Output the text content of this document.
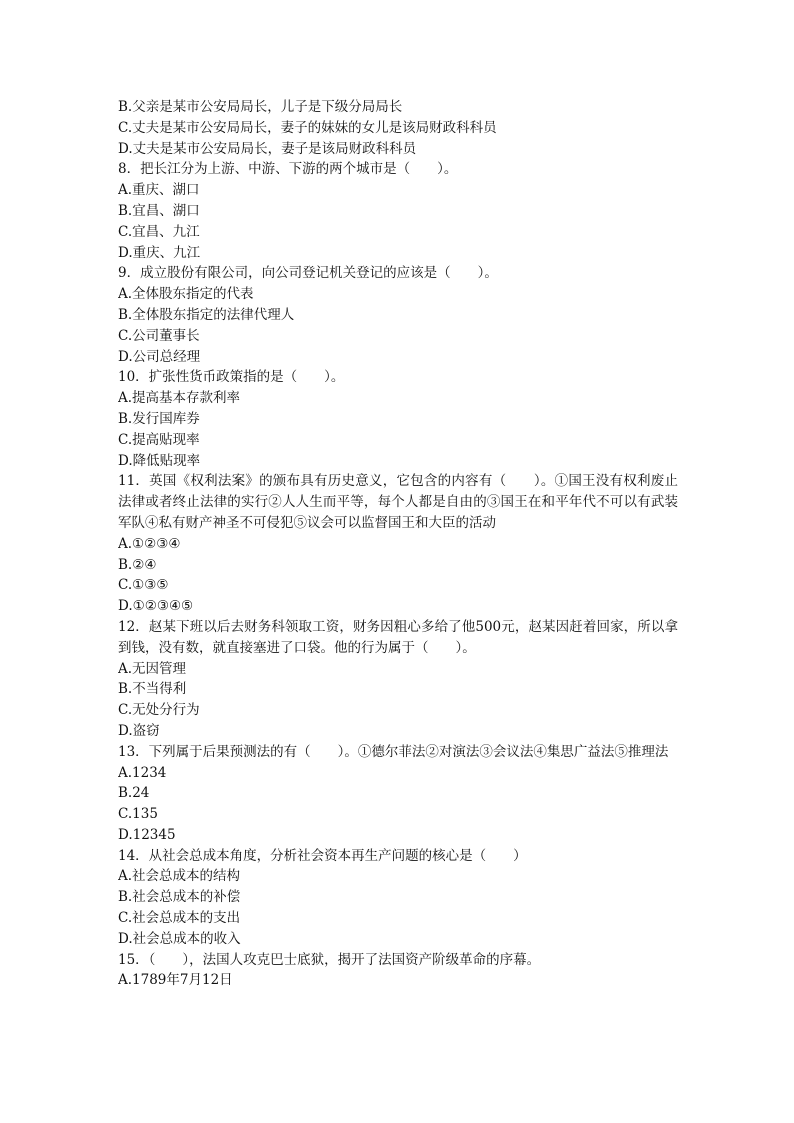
B.父亲是某市公安局局长，儿子是下级分局局长
C.丈夫是某市公安局局长，妻子的妹妹的女儿是该局财政科科员
D.丈夫是某市公安局局长，妻子是该局财政科科员
8．把长江分为上游、中游、下游的两个城市是（　　）。
A.重庆、湖口
B.宜昌、湖口
C.宜昌、九江
D.重庆、九江
9．成立股份有限公司，向公司登记机关登记的应该是（　　）。
A.全体股东指定的代表
B.全体股东指定的法律代理人
C.公司董事长
D.公司总经理
10．扩张性货币政策指的是（　　）。
A.提高基本存款利率
B.发行国库券
C.提高贴现率
D.降低贴现率
11．英国《权利法案》的颁布具有历史意义，它包含的内容有（　　）。①国王没有权利废止法律或者终止法律的实行②人人生而平等，每个人都是自由的③国王在和平年代不可以有武装军队④私有财产神圣不可侵犯⑤议会可以监督国王和大臣的活动
A.①②③④
B.②④
C.①③⑤
D.①②③④⑤
12．赵某下班以后去财务科领取工资，财务因粗心多给了他500元，赵某因赶着回家，所以拿到钱，没有数，就直接塞进了口袋。他的行为属于（　　）。
A.无因管理
B.不当得利
C.无处分行为
D.盗窃
13．下列属于后果预测法的有（　　）。①德尔菲法②对演法③会议法④集思广益法⑤推理法
A.1234
B.24
C.135
D.12345
14．从社会总成本角度，分析社会资本再生产问题的核心是（　　）
A.社会总成本的结构
B.社会总成本的补偿
C.社会总成本的支出
D.社会总成本的收入
15．（　　），法国人攻克巴士底狱，揭开了法国资产阶级革命的序幕。
A.1789年7月12日
